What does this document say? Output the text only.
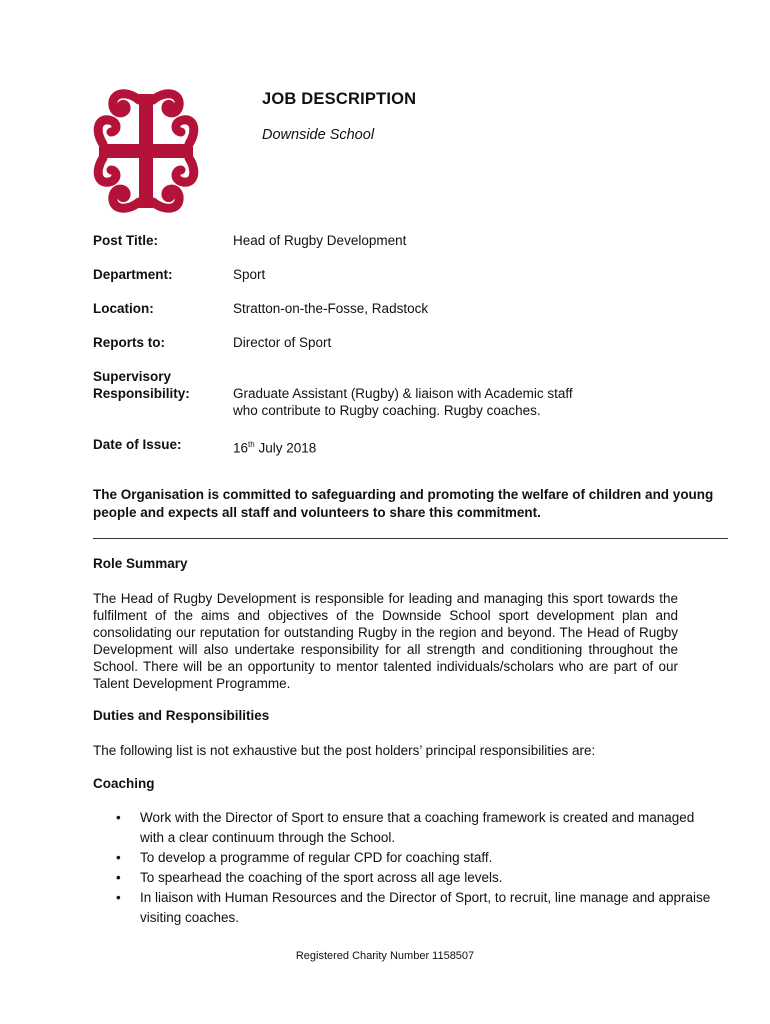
JOB DESCRIPTION
Downside School
Post Title:	Head of Rugby Development
Department:	Sport
Location:	Stratton-on-the-Fosse, Radstock
Reports to:	Director of Sport
Supervisory
Responsibility:	Graduate Assistant (Rugby) & liaison with Academic staff
who contribute to Rugby coaching. Rugby coaches.
Date of Issue:	16th July 2018
The Organisation is committed to safeguarding and promoting the welfare of children and young people and expects all staff and volunteers to share this commitment.
Role Summary
The Head of Rugby Development is responsible for leading and managing this sport towards the fulfilment of the aims and objectives of the Downside School sport development plan and consolidating our reputation for outstanding Rugby in the region and beyond. The Head of Rugby Development will also undertake responsibility for all strength and conditioning throughout the School. There will be an opportunity to mentor talented individuals/scholars who are part of our Talent Development Programme.
Duties and Responsibilities
The following list is not exhaustive but the post holders’ principal responsibilities are:
Coaching
• Work with the Director of Sport to ensure that a coaching framework is created and managed with a clear continuum through the School.
• To develop a programme of regular CPD for coaching staff.
• To spearhead the coaching of the sport across all age levels.
• In liaison with Human Resources and the Director of Sport, to recruit, line manage and appraise visiting coaches.
Registered Charity Number 1158507
